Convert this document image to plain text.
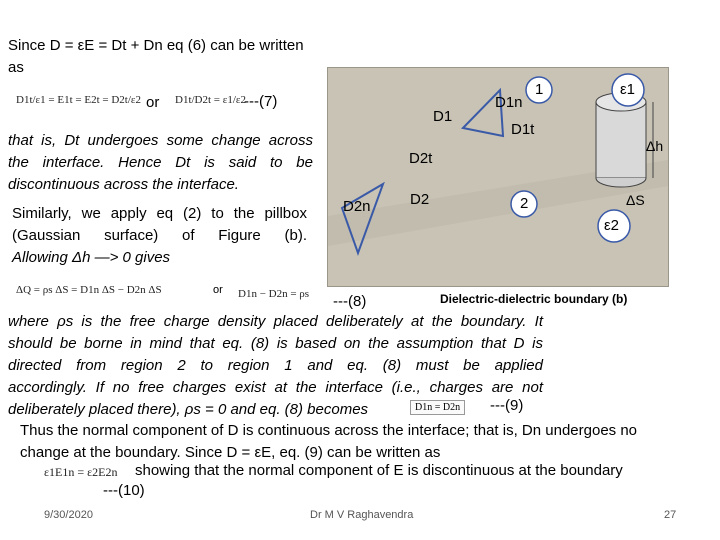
Since D = εE = Dt + Dn eq (6) can be written
as
D1t/ε1 = E1t = E2t = D2t/ε2 or D1t/D2t = ε1/ε2
---(7)
that is, Dt undergoes some change across
the interface. Hence Dt is said to be
discontinuous across the interface.
Similarly, we apply eq (2) to the pillbox
(Gaussian surface) of Figure (b).
Allowing Δh —> 0 gives
ΔQ = ρs ΔS = D1n ΔS − D2n ΔS	or D1n − D2n = ρs ---(8)
D1
D1n
D1t
D2t
D2n	D2
1
2
ε1
ε2
Δh
ΔS
Dielectric-dielectric boundary (b)
where ρs is the free charge density placed deliberately at the boundary. It
should be borne in mind that eq. (8) is based on the assumption that D is
directed from region 2 to region 1 and eq. (8) must be applied
accordingly. If no free charges exist at the interface (i.e., charges are not
deliberately placed there), ρs = 0 and eq. (8) becomes	D1n = D2n	---(9)
Thus the normal component of D is continuous across the interface; that is, Dn undergoes no
change at the boundary. Since D = εE, eq. (9) can be written as
ε1E1n = ε2E2n showing that the normal component of E is discontinuous at the boundary
---(10)
9/30/2020	Dr M V Raghavendra	27
